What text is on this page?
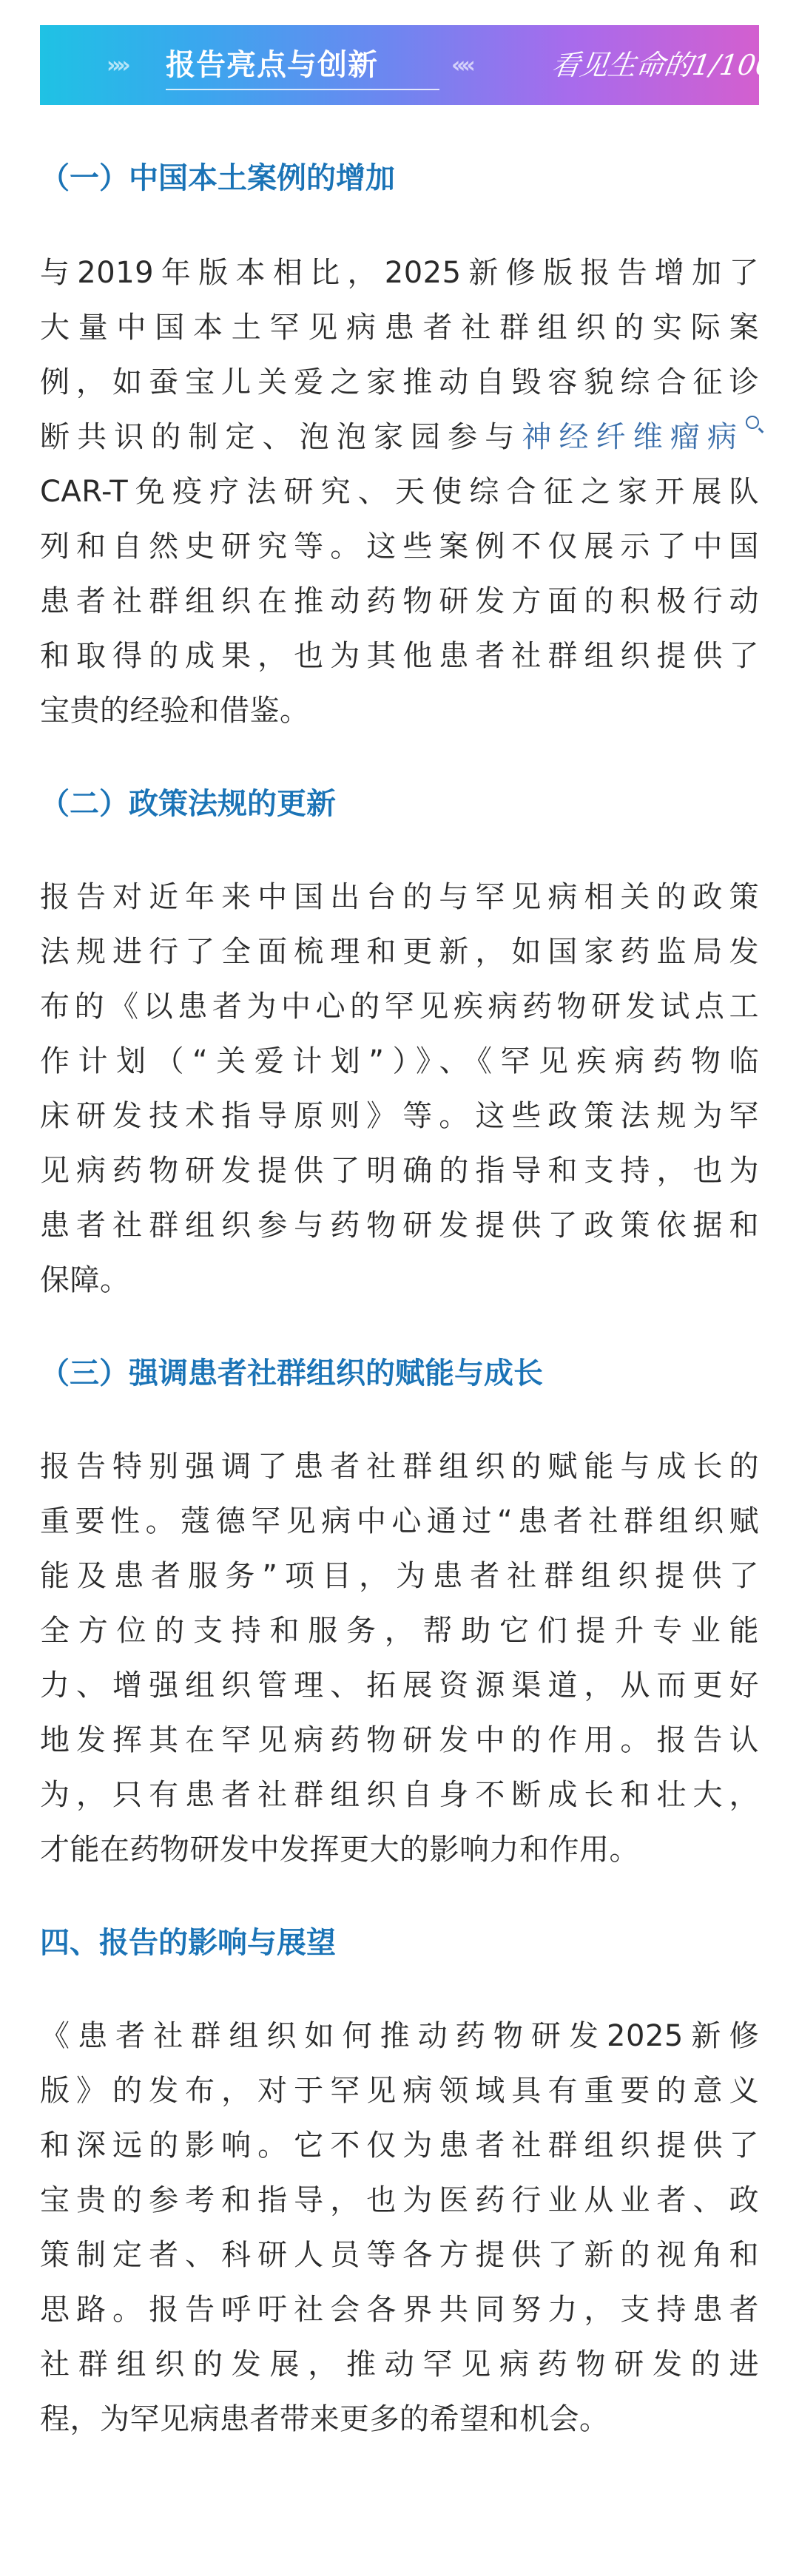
»» 报告亮点与创新	««	看见生命的1/1000
（一）中国本土案例的增加
与2019年版本相比，2025新修版报告增加了
大量中国本土罕见病患者社群组织的实际案
例，如蚕宝儿关爱之家推动自毁容貌综合征诊
断共识的制定、泡泡家园参与神经纤维瘤病
CAR-T免疫疗法研究、天使综合征之家开展队
列和自然史研究等。这些案例不仅展示了中国
患者社群组织在推动药物研发方面的积极行动
和取得的成果，也为其他患者社群组织提供了
宝贵的经验和借鉴。
（二）政策法规的更新
报告对近年来中国出台的与罕见病相关的政策
法规进行了全面梳理和更新，如国家药监局发
布的《以患者为中心的罕见疾病药物研发试点工
作计划（“关爱计划”）》、《罕见疾病药物临
床研发技术指导原则》等。这些政策法规为罕
见病药物研发提供了明确的指导和支持，也为
患者社群组织参与药物研发提供了政策依据和
保障。
（三）强调患者社群组织的赋能与成长
报告特别强调了患者社群组织的赋能与成长的
重要性。蔻德罕见病中心通过“患者社群组织赋
能及患者服务”项目，为患者社群组织提供了
全方位的支持和服务，帮助它们提升专业能
力、增强组织管理、拓展资源渠道，从而更好
地发挥其在罕见病药物研发中的作用。报告认
为，只有患者社群组织自身不断成长和壮大，
才能在药物研发中发挥更大的影响力和作用。
四、报告的影响与展望
《患者社群组织如何推动药物研发2025新修
版》的发布，对于罕见病领域具有重要的意义
和深远的影响。它不仅为患者社群组织提供了
宝贵的参考和指导，也为医药行业从业者、政
策制定者、科研人员等各方提供了新的视角和
思路。报告呼吁社会各界共同努力，支持患者
社群组织的发展，推动罕见病药物研发的进
程，为罕见病患者带来更多的希望和机会。
